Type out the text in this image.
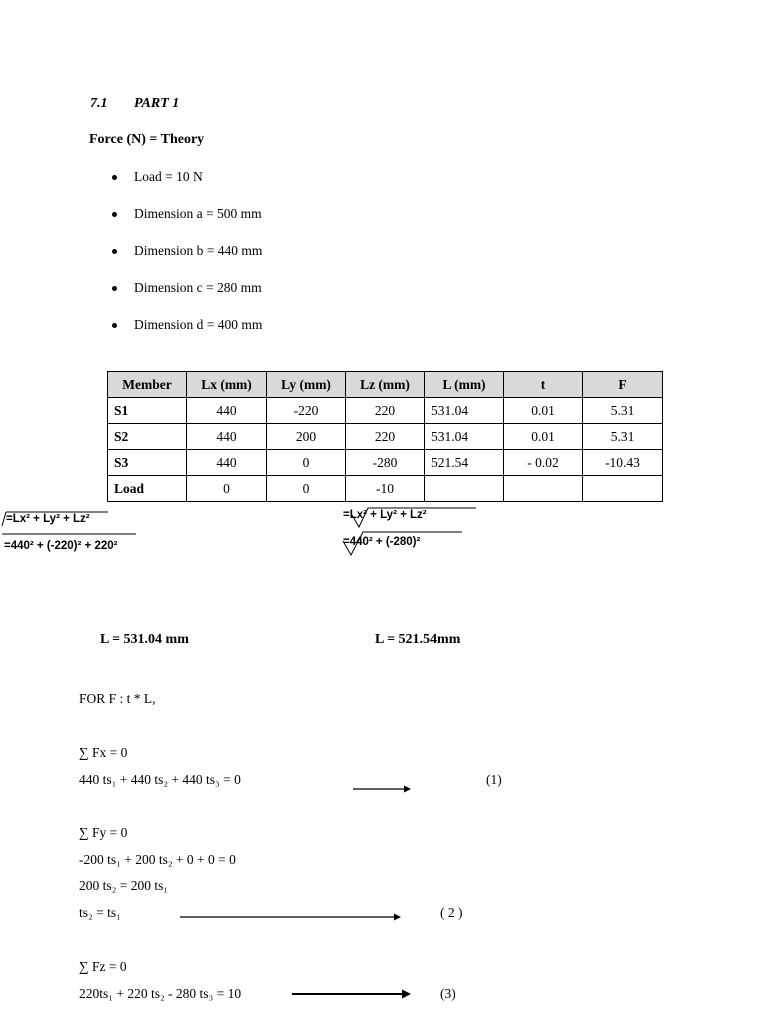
7.1 PART 1
Force (N) = Theory
Load = 10 N
Dimension a = 500 mm
Dimension b = 440 mm
Dimension c = 280 mm
Dimension d = 400 mm
Member	Lx (mm)	Ly (mm)	Lz (mm)	L (mm)	t	F
S1	440	-220	220	531.04	0.01	5.31
S2	440	200	220	531.04	0.01	5.31
S3	440	0	-280	521.54	- 0.02	-10.43
Load	0	0	-10			
=Lx² + Ly² + Lz²
=440² + (-220)² + 220²
=Lx² + Ly² + Lz²
=440² + (-280)²
L = 531.04 mm	L = 521.54mm
FOR F : t * L,
∑ Fx = 0
440 ts₁ + 440 ts₂ + 440 ts₃ = 0	(1)
∑ Fy = 0
-200 ts₁ + 200 ts₂ + 0 + 0 = 0
200 ts₂ = 200 ts₁
ts₂ = ts₁	( 2 )
∑ Fz = 0
220ts₁ + 220 ts₂ - 280 ts₃ = 10	(3)
